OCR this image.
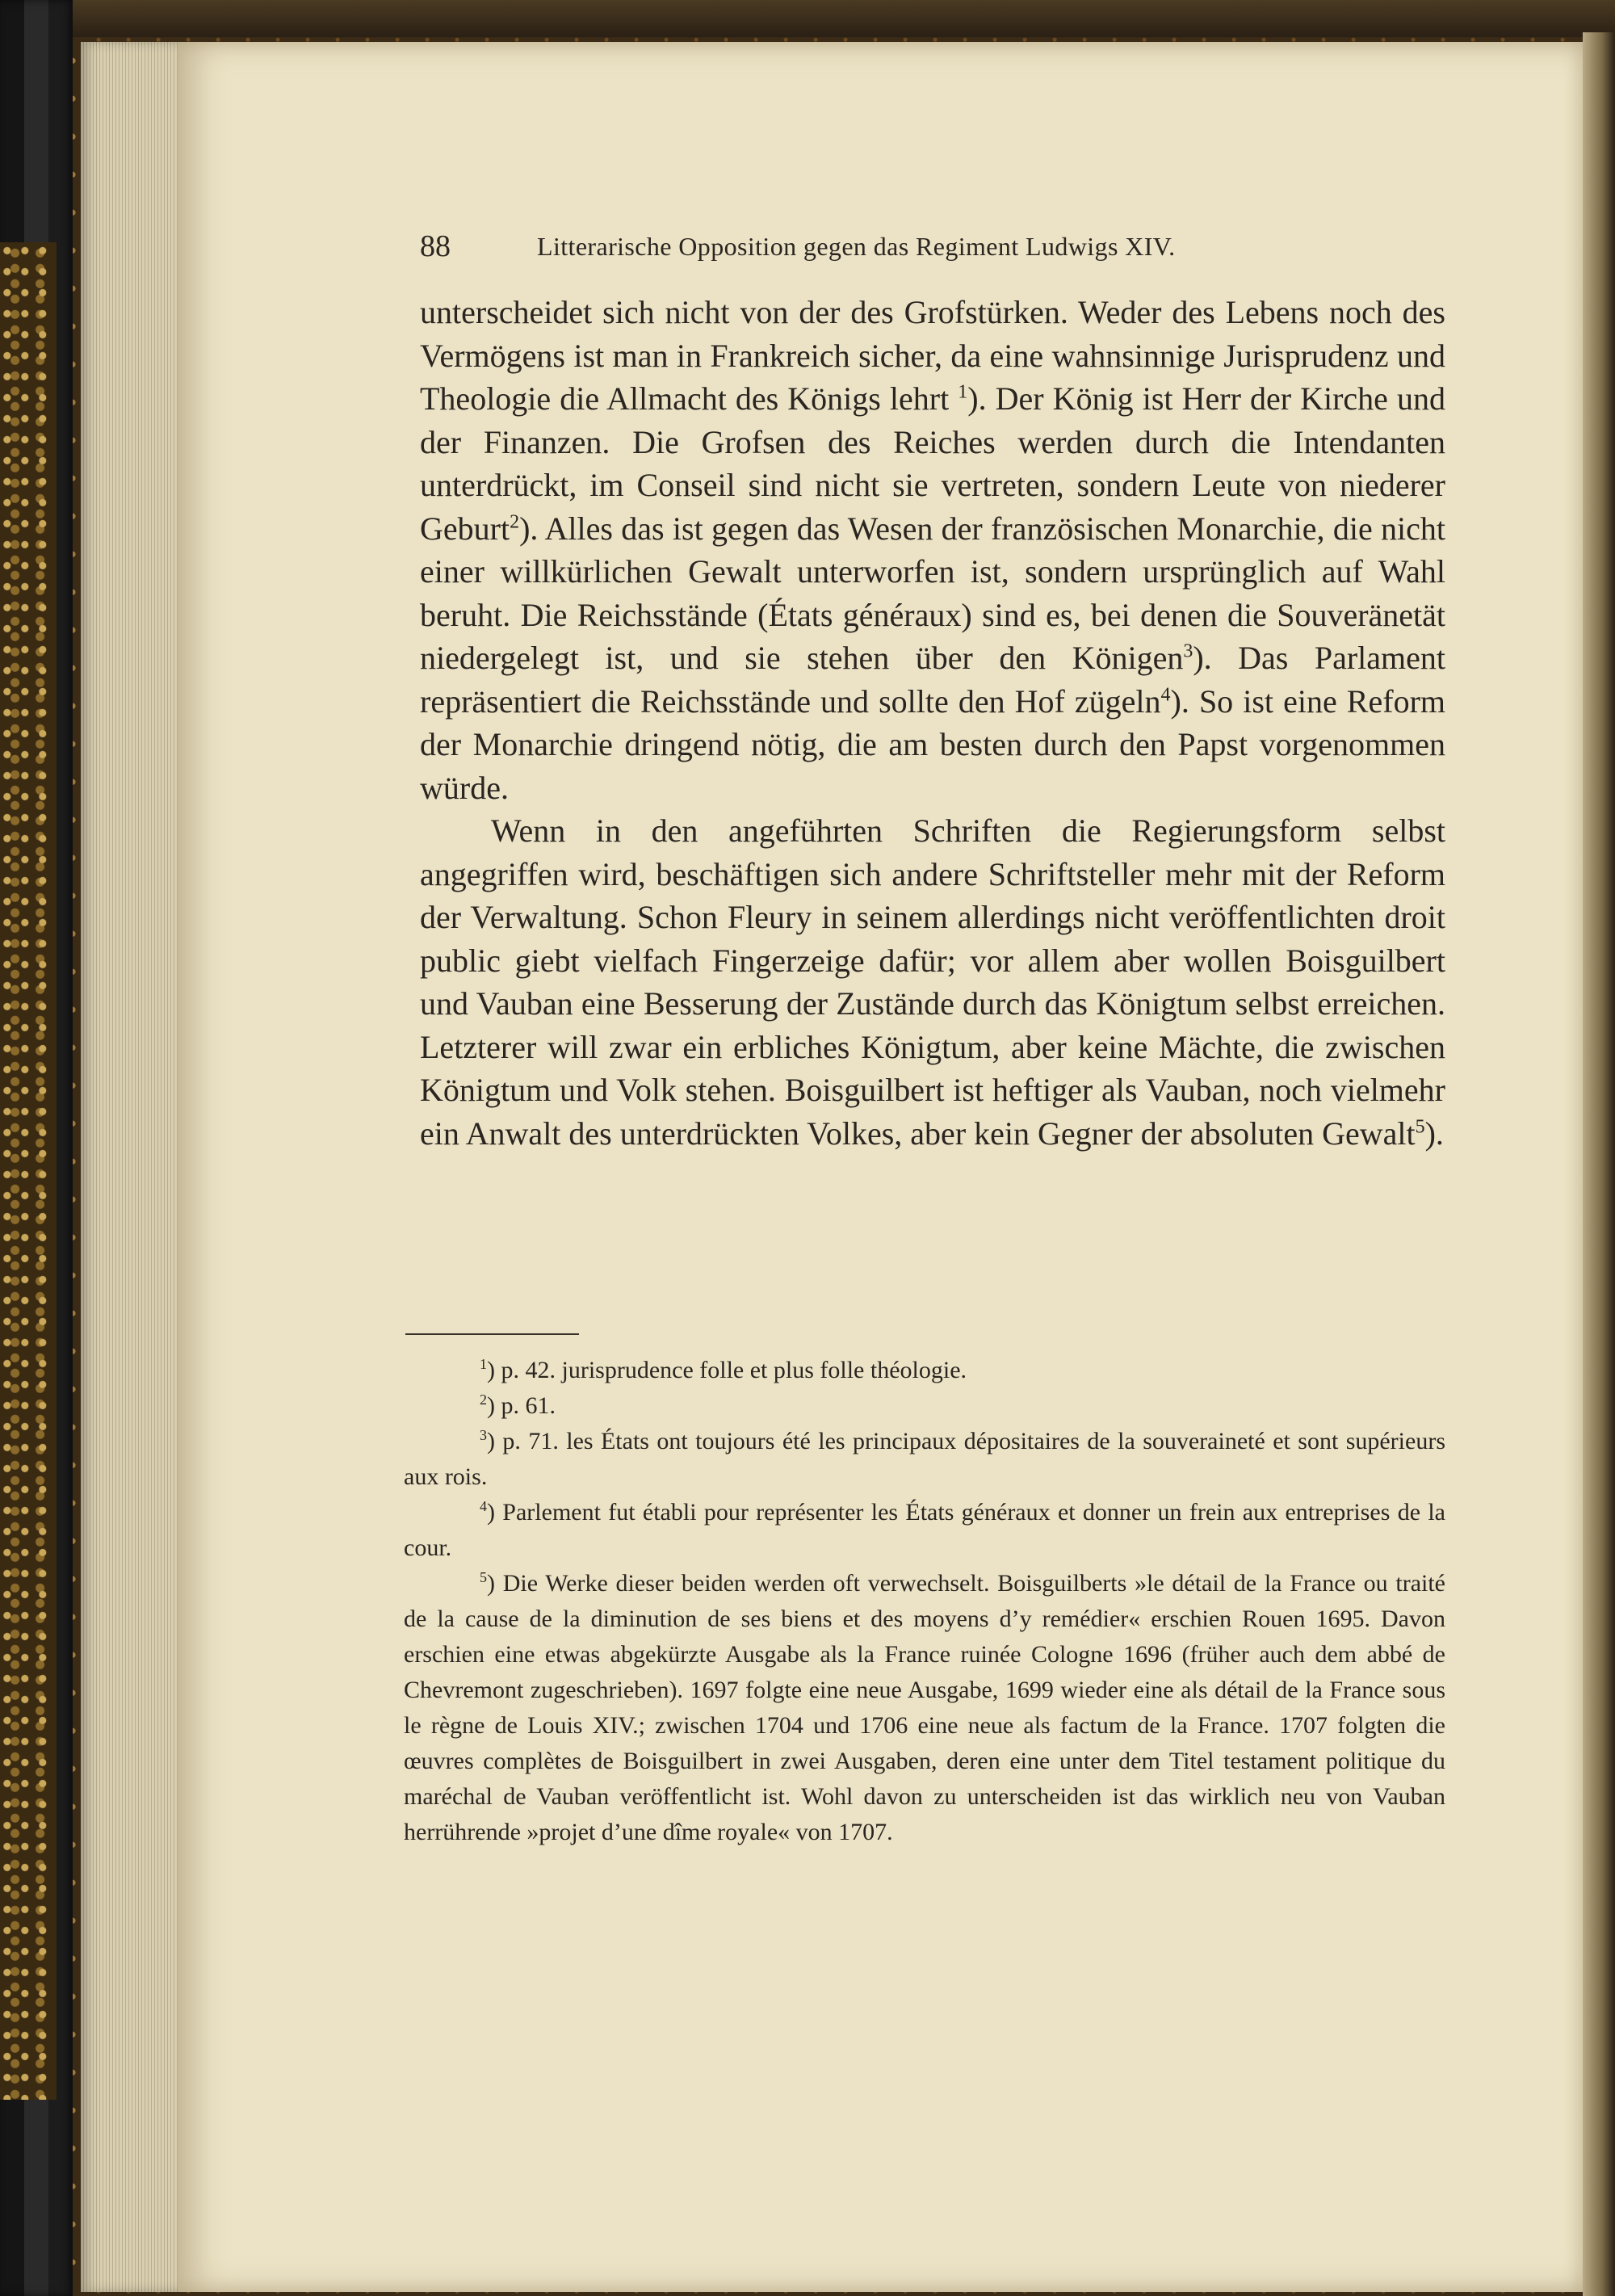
88	Litterarische Opposition gegen das Regiment Ludwigs XIV.

unterscheidet sich nicht von der des Grofstürken. Weder des Lebens noch des Vermögens ist man in Frankreich sicher, da eine wahnsinnige Jurisprudenz und Theologie die Allmacht des Königs lehrt $^1$). Der König ist Herr der Kirche und der Finanzen. Die Grofsen des Reiches werden durch die Intendanten unterdrückt, im Conseil sind nicht sie vertreten, sondern Leute von niederer Geburt$^2$). Alles das ist gegen das Wesen der französischen Monarchie, die nicht einer willkürlichen Gewalt unterworfen ist, sondern ursprünglich auf Wahl beruht. Die Reichsstände (États généraux) sind es, bei denen die Souveränetät niedergelegt ist, und sie stehen über den Königen$^3$). Das Parlament repräsentiert die Reichsstände und sollte den Hof zügeln$^4$). So ist eine Reform der Monarchie dringend nötig, die am besten durch den Papst vorgenommen würde.

Wenn in den angeführten Schriften die Regierungsform selbst angegriffen wird, beschäftigen sich andere Schriftsteller mehr mit der Reform der Verwaltung. Schon Fleury in seinem allerdings nicht veröffentlichten droit public giebt vielfach Fingerzeige dafür; vor allem aber wollen Boisguilbert und Vauban eine Besserung der Zustände durch das Königtum selbst erreichen. Letzterer will zwar ein erbliches Königtum, aber keine Mächte, die zwischen Königtum und Volk stehen. Boisguilbert ist heftiger als Vauban, noch vielmehr ein Anwalt des unterdrückten Volkes, aber kein Gegner der absoluten Gewalt$^5$).

$^1$) p. 42. jurisprudence folle et plus folle théologie.

$^2$) p. 61.

$^3$) p. 71. les États ont toujours été les principaux dépositaires de la souveraineté et sont supérieurs aux rois.

$^4$) Parlement fut établi pour représenter les États généraux et donner un frein aux entreprises de la cour.

$^5$) Die Werke dieser beiden werden oft verwechselt. Boisguilberts »le détail de la France ou traité de la cause de la diminution de ses biens et des moyens d’y remédier« erschien Rouen 1695. Davon erschien eine etwas abgekürzte Ausgabe als la France ruinée Cologne 1696 (früher auch dem abbé de Chevremont zugeschrieben). 1697 folgte eine neue Ausgabe, 1699 wieder eine als détail de la France sous le règne de Louis XIV.; zwischen 1704 und 1706 eine neue als factum de la France. 1707 folgten die œuvres complètes de Boisguilbert in zwei Ausgaben, deren eine unter dem Titel testament politique du maréchal de Vauban veröffentlicht ist. Wohl davon zu unterscheiden ist das wirklich neu von Vauban herrührende »projet d’une dîme royale« von 1707.
